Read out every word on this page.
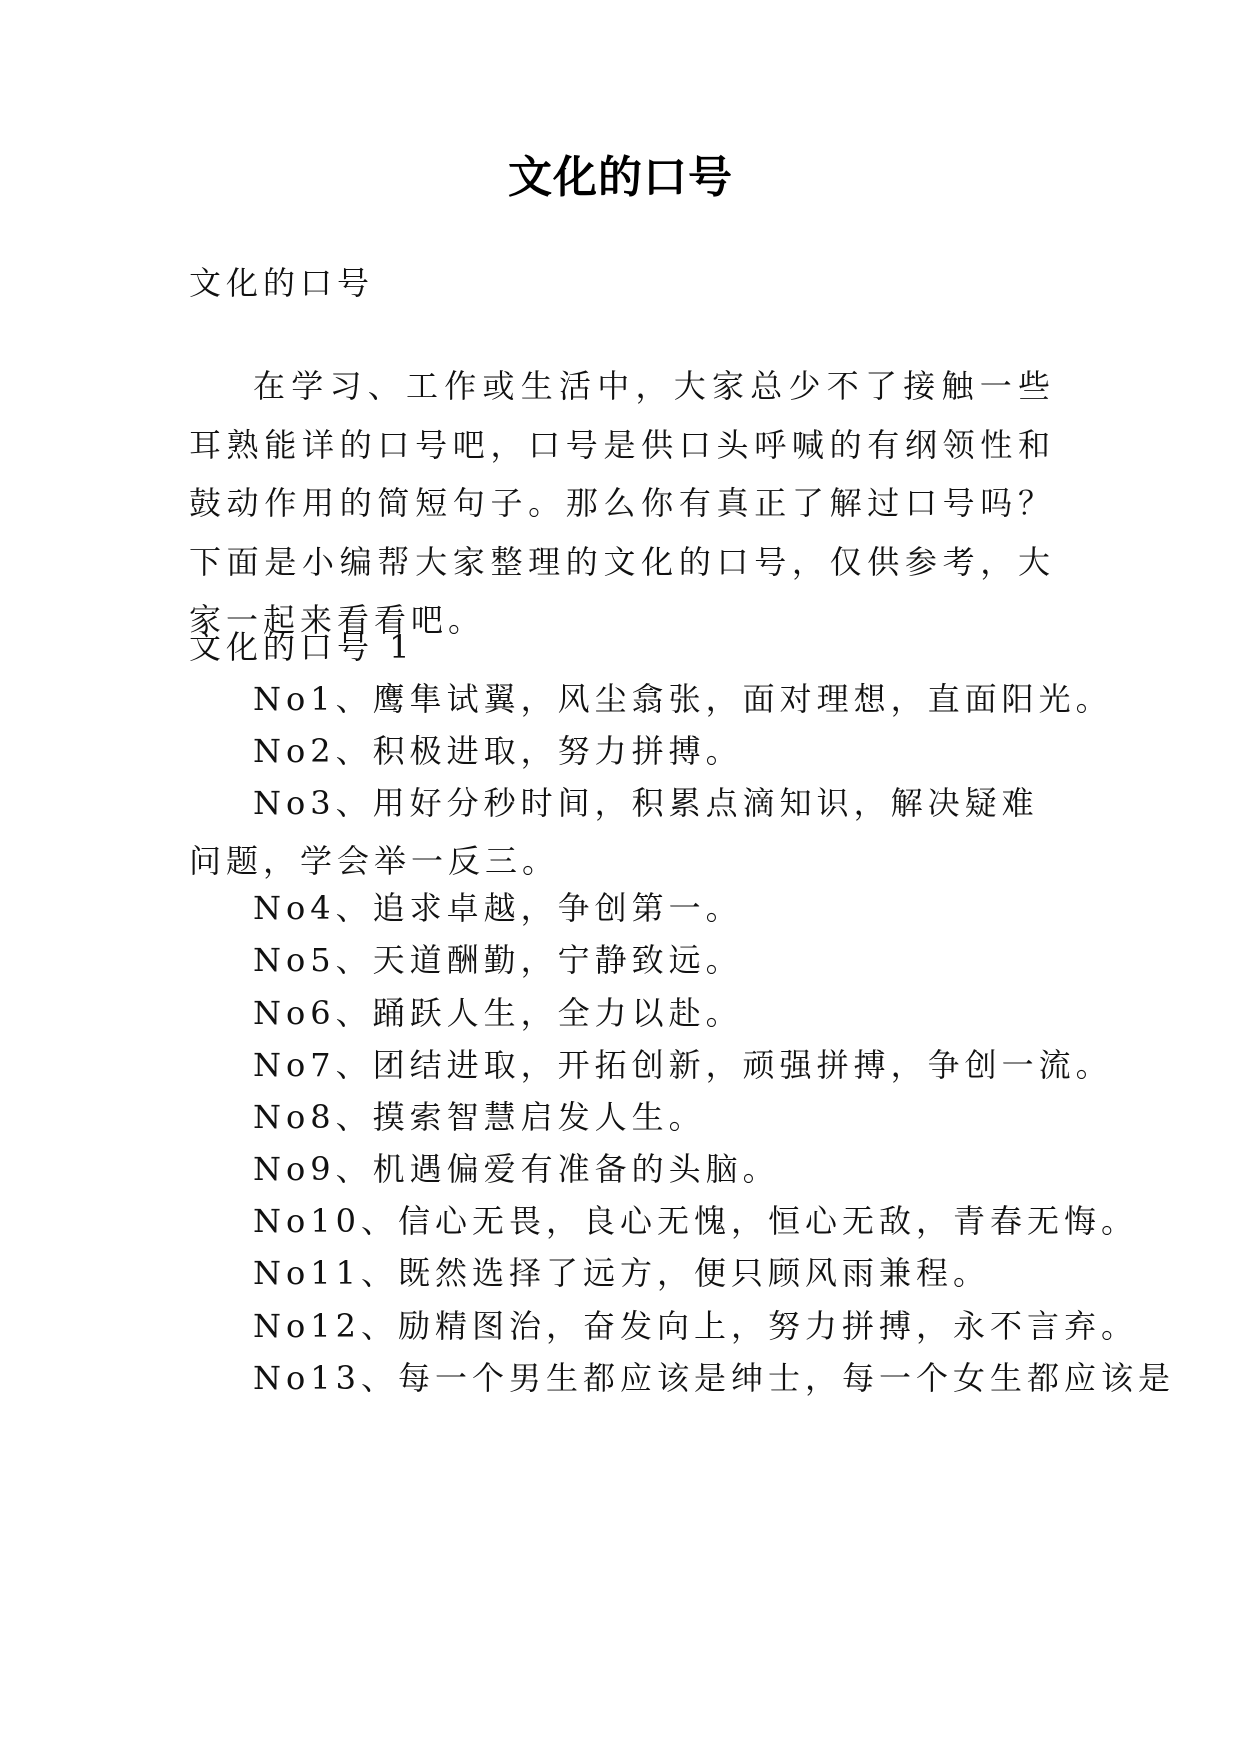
文化的口号
文化的口号
在学习、工作或生活中，大家总少不了接触一些耳熟能详的口号吧，口号是供口头呼喊的有纲领性和鼓动作用的简短句子。那么你有真正了解过口号吗？下面是小编帮大家整理的文化的口号，仅供参考，大家一起来看看吧。
文化的口号 1
No1、鹰隼试翼，风尘翕张，面对理想，直面阳光。
No2、积极进取，努力拼搏。
No3、用好分秒时间，积累点滴知识，解决疑难问题，学会举一反三。
No4、追求卓越，争创第一。
No5、天道酬勤，宁静致远。
No6、踊跃人生，全力以赴。
No7、团结进取，开拓创新，顽强拼搏，争创一流。
No8、摸索智慧启发人生。
No9、机遇偏爱有准备的头脑。
No10、信心无畏，良心无愧，恒心无敌，青春无悔。
No11、既然选择了远方，便只顾风雨兼程。
No12、励精图治，奋发向上，努力拼搏，永不言弃。
No13、每一个男生都应该是绅士，每一个女生都应该是
